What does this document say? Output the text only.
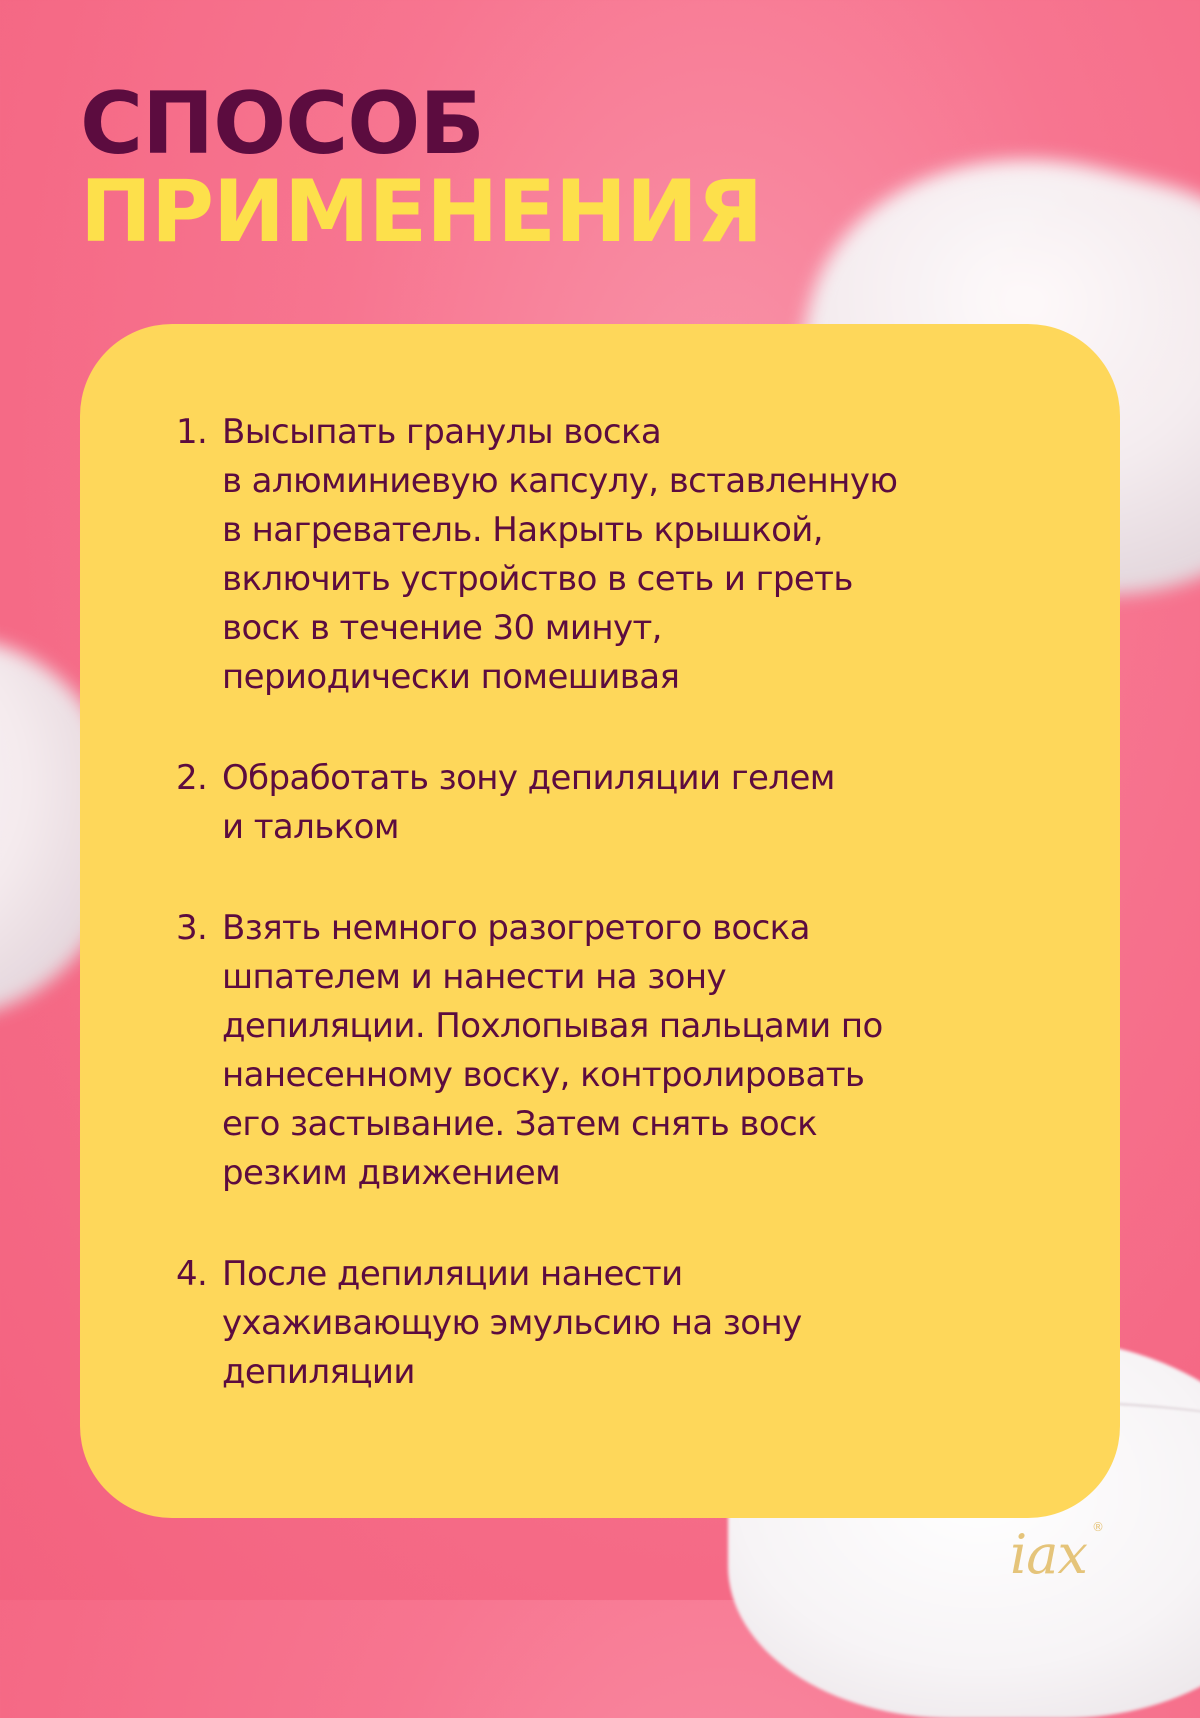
iax ®
СПОСОБ
ПРИМЕНЕНИЯ
1. Высыпать гранулы воска
в алюминиевую капсулу, вставленную
в нагреватель. Накрыть крышкой,
включить устройство в сеть и греть
воск в течение 30 минут,
периодически помешивая
2. Обработать зону депиляции гелем
и тальком
3. Взять немного разогретого воска
шпателем и нанести на зону
депиляции. Похлопывая пальцами по
нанесенному воску, контролировать
его застывание. Затем снять воск
резким движением
4. После депиляции нанести
ухаживающую эмульсию на зону
депиляции
